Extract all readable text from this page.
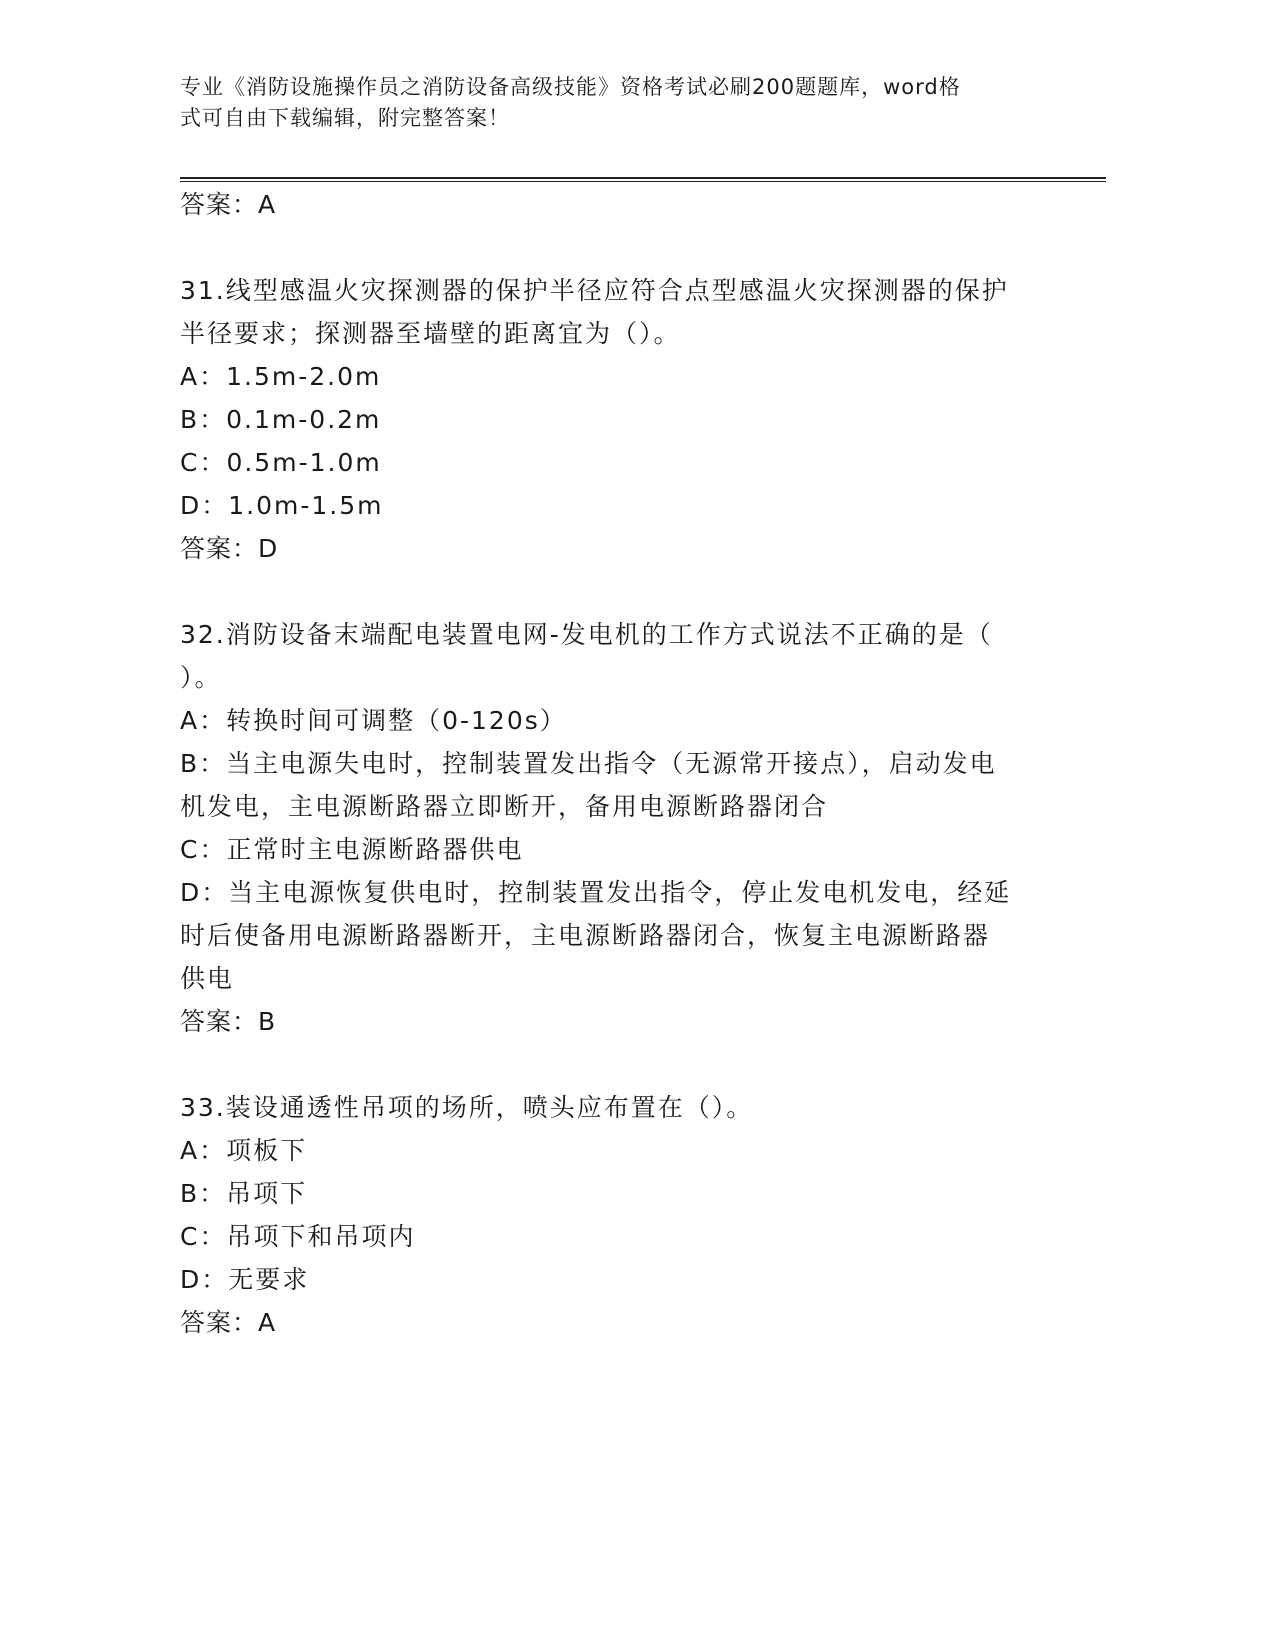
专业《消防设施操作员之消防设备高级技能》资格考试必刷200题题库，word格
式可自由下载编辑，附完整答案！
答案：A
31.线型感温火灾探测器的保护半径应符合点型感温火灾探测器的保护
半径要求；探测器至墙壁的距离宜为（）。
A：1.5m-2.0m
B：0.1m-0.2m
C：0.5m-1.0m
D：1.0m-1.5m
答案：D
32.消防设备末端配电装置电网-发电机的工作方式说法不正确的是（
）。
A：转换时间可调整（0-120s）
B：当主电源失电时，控制装置发出指令（无源常开接点），启动发电
机发电，主电源断路器立即断开，备用电源断路器闭合
C：正常时主电源断路器供电
D：当主电源恢复供电时，控制装置发出指令，停止发电机发电，经延
时后使备用电源断路器断开，主电源断路器闭合，恢复主电源断路器
供电
答案：B
33.装设通透性吊项的场所，喷头应布置在（）。
A：项板下
B：吊项下
C：吊项下和吊项内
D：无要求
答案：A
